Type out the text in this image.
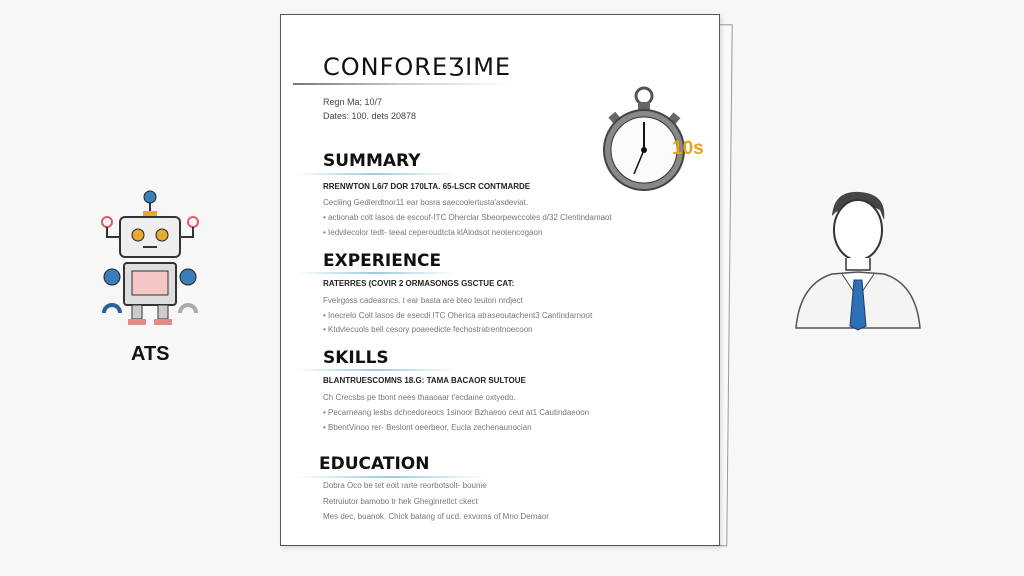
CONFOREƷIME
Regn Ma; 10/7
Dates: 100. dets 20878
SUMMARY
RRENWTON L6/7 DOR 170LTA. 65-LSCR CONTMARDE
Cecliing Gedlerdtnor11 ear bosra saecoolertusta'asdeviat.
• actionab colt lasos de escouf-ITC Oherclar Sbeorpewccoles d/32 Clentindamaot
• Iedvilecolor tedt- teeal ceperoudtcta klAlodsot neotencogaon
EXPERIENCE
RATERRES (COVIR 2 ORMASONGS GSCTUE CAT:
Fvelrgoss cadeasncs. t ear basta are bteo teuton nrdject
• Inecrelo Colt lasos de esecdi ITC Oherica atraseoutachent3 Cantindarnoot
• Ktdvlecuols bell cesory poaeedicte fechostratrentnoecoon
SKILLS
BLANTRUESCOMNS 18.G: TAMA BACAOR SULTOUE
Ch Crecsbs pe tbont nees thaaoaar t'ecdaine oxtyedo.
• Pecarneang lesbs dchcedoreocs 1sinoor Bzhaeoo ceut at1 Cautindaeoon
• BbentVinoo rer- Beslont oeerbeor, Eucla zechenaunocian
EDUCATION
Dobra Oco be tet eoit rarte reorbotsolt- bounie
Retruiutor bamobo tr hek Gheginretlct ckect
Mes dec, buanok. Chick batang of ucd. exvorns of Mno Demaor
10s
ATS
